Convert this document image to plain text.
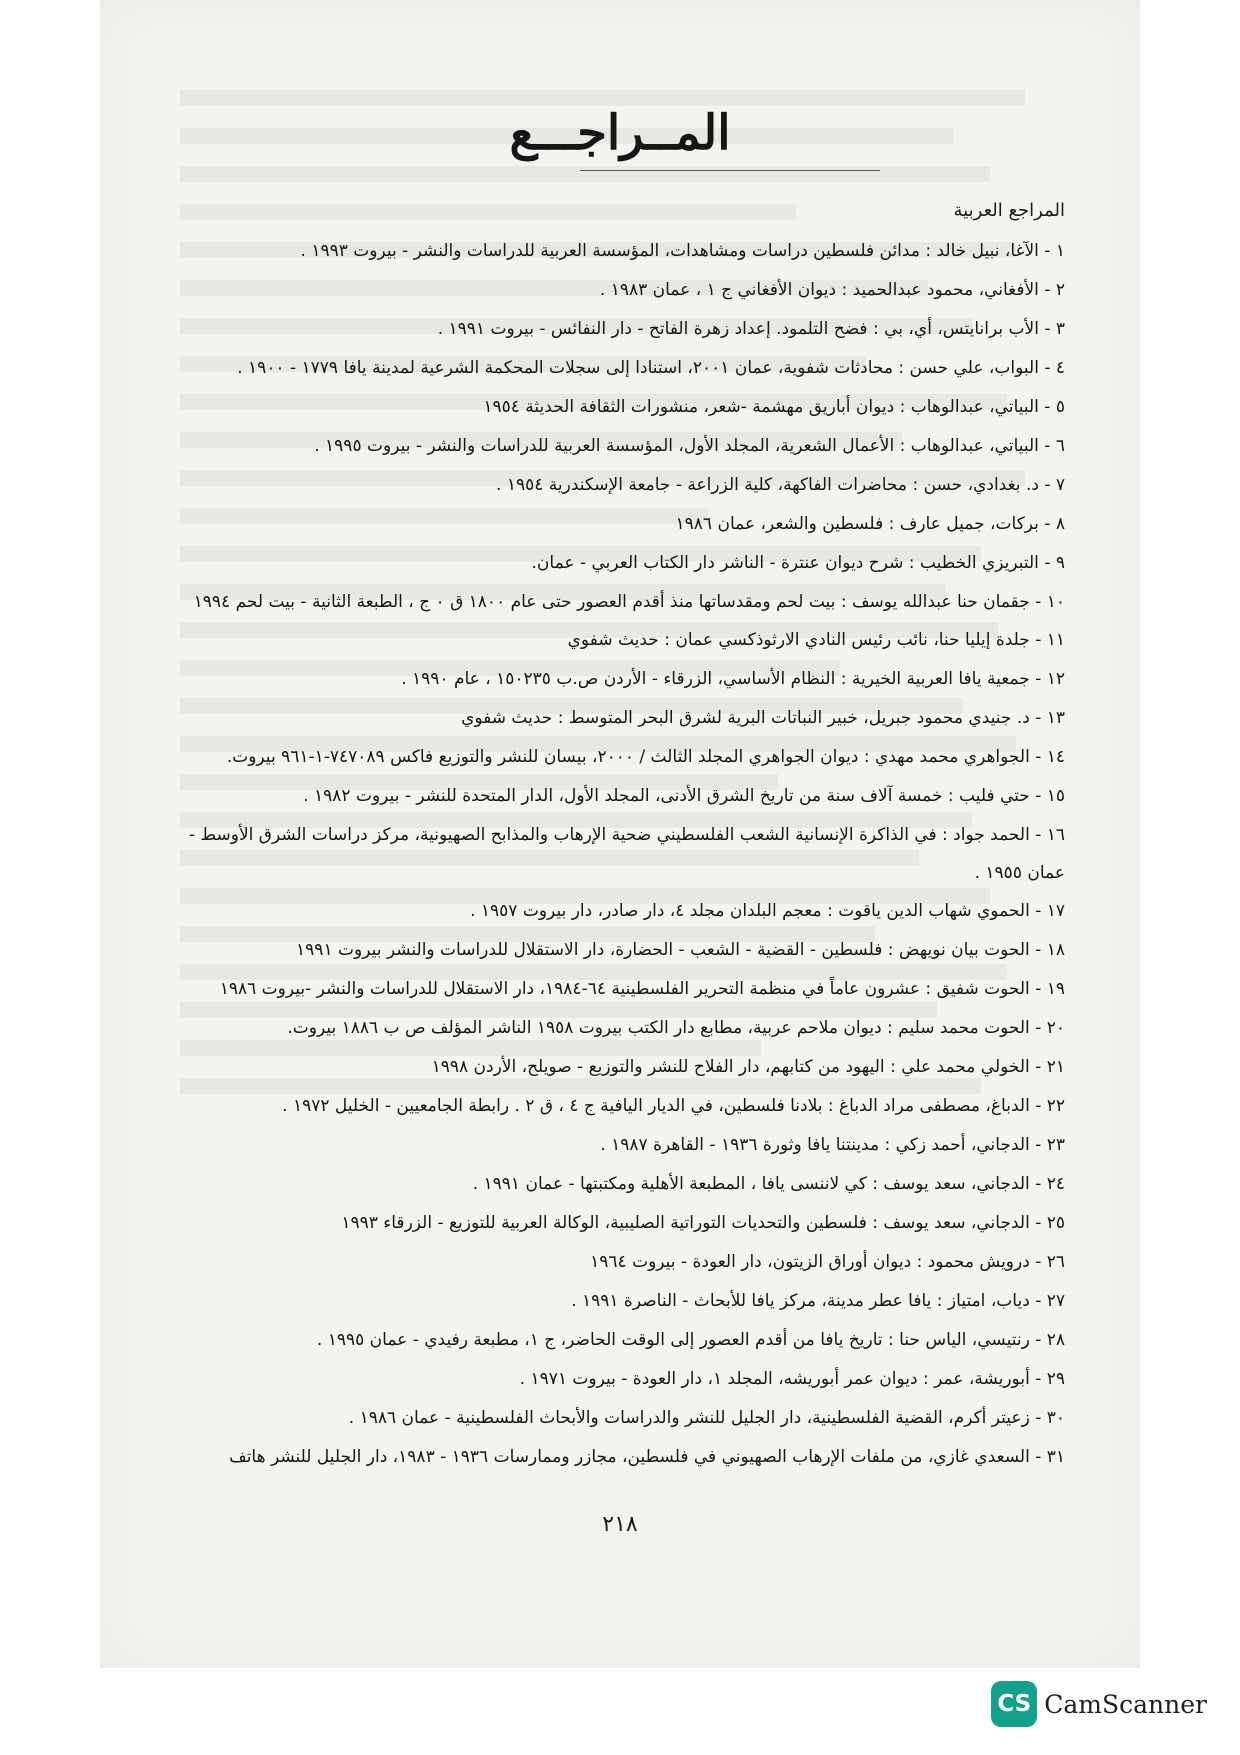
المــراجـــع
المراجع العربية
١ - الآغا، نبيل خالد : مدائن فلسطين دراسات ومشاهدات، المؤسسة العربية للدراسات والنشر - بيروت ١٩٩٣ .
٢ - الأفغاني، محمود عبدالحميد : ديوان الأفغاني ج ١ ، عمان ١٩٨٣ .
٣ - الأب برانايتس، أي، بي : فضح التلمود. إعداد زهرة الفاتح - دار النفائس - بيروت ١٩٩١ .
٤ - البواب، علي حسن : محادثات شفوية، عمان ٢٠٠١، استنادا إلى سجلات المحكمة الشرعية لمدينة يافا ١٧٧٩ - ١٩٠٠ .
٥ - البياتي، عبدالوهاب : ديوان أباريق مهشمة -شعر، منشورات الثقافة الحديثة ١٩٥٤
٦ - البياتي، عبدالوهاب : الأعمال الشعرية، المجلد الأول، المؤسسة العربية للدراسات والنشر - بيروت ١٩٩٥ .
٧ - د. بغدادي، حسن : محاضرات الفاكهة، كلية الزراعة - جامعة الإسكندرية ١٩٥٤ .
٨ - بركات، جميل عارف : فلسطين والشعر، عمان ١٩٨٦
٩ - التبريزي الخطيب : شرح ديوان عنترة - الناشر دار الكتاب العربي - عمان.
١٠ - جقمان حنا عبدالله يوسف : بيت لحم ومقدساتها منذ أقدم العصور حتى عام ١٨٠٠ ق ٠ ج ، الطبعة الثانية - بيت لحم ١٩٩٤
١١ - جلدة إيليا حنا، نائب رئيس النادي الارثوذكسي عمان : حديث شفوي
١٢ - جمعية يافا العربية الخيرية : النظام الأساسي، الزرقاء - الأردن ص.ب ١٥٠٢٣٥ ، عام ١٩٩٠ .
١٣ - د. جنيدي محمود جبريل، خبير النباتات البرية لشرق البحر المتوسط : حديث شفوي
١٤ - الجواهري محمد مهدي : ديوان الجواهري المجلد الثالث / ٢٠٠٠، بيسان للنشر والتوزيع فاكس ٧٤٧٠٨٩-١-٩٦١ بيروت.
١٥ - حتي فليب : خمسة آلاف سنة من تاريخ الشرق الأدنى، المجلد الأول، الدار المتحدة للنشر - بيروت ١٩٨٢ .
١٦ - الحمد جواد : في الذاكرة الإنسانية الشعب الفلسطيني ضحية الإرهاب والمذابح الصهيونية، مركز دراسات الشرق الأوسط - عمان ١٩٥٥ .
١٧ - الحموي شهاب الدين ياقوت : معجم البلدان مجلد ٤، دار صادر، دار بيروت ١٩٥٧ .
١٨ - الحوت بيان نويهض : فلسطين - القضية - الشعب - الحضارة، دار الاستقلال للدراسات والنشر بيروت ١٩٩١
١٩ - الحوت شفيق : عشرون عاماً في منظمة التحرير الفلسطينية ٦٤-١٩٨٤، دار الاستقلال للدراسات والنشر -بيروت ١٩٨٦
٢٠ - الحوت محمد سليم : ديوان ملاحم عربية، مطابع دار الكتب بيروت ١٩٥٨ الناشر المؤلف ص ب ١٨٨٦ بيروت.
٢١ - الخولي محمد علي : اليهود من كتابهم، دار الفلاح للنشر والتوزيع - صويلح، الأردن ١٩٩٨
٢٢ - الدباغ، مصطفى مراد الدباغ : بلادنا فلسطين، في الديار اليافية ج ٤ ، ق ٢ . رابطة الجامعيين - الخليل ١٩٧٢ .
٢٣ - الدجاني، أحمد زكي : مدينتنا يافا وثورة ١٩٣٦ - القاهرة ١٩٨٧ .
٢٤ - الدجاني، سعد يوسف : كي لاننسى يافا ، المطبعة الأهلية ومكتبتها - عمان ١٩٩١ .
٢٥ - الدجاني، سعد يوسف : فلسطين والتحديات التوراتية الصليبية، الوكالة العربية للتوزيع - الزرقاء ١٩٩٣
٢٦ - درويش محمود : ديوان أوراق الزيتون، دار العودة - بيروت ١٩٦٤
٢٧ - دياب، امتياز : يافا عطر مدينة، مركز يافا للأبحاث - الناصرة ١٩٩١ .
٢٨ - رنتيسي، الياس حنا : تاريخ يافا من أقدم العصور إلى الوقت الحاضر، ج ١، مطبعة رفيدي - عمان ١٩٩٥ .
٢٩ - أبوريشة، عمر : ديوان عمر أبوريشه، المجلد ١، دار العودة - بيروت ١٩٧١ .
٣٠ - زعيتر أكرم، القضية الفلسطينية، دار الجليل للنشر والدراسات والأبحاث الفلسطينية - عمان ١٩٨٦ .
٣١ - السعدي غازي، من ملفات الإرهاب الصهيوني في فلسطين، مجازر وممارسات ١٩٣٦ - ١٩٨٣، دار الجليل للنشر هاتف
٢١٨
CS CamScanner
